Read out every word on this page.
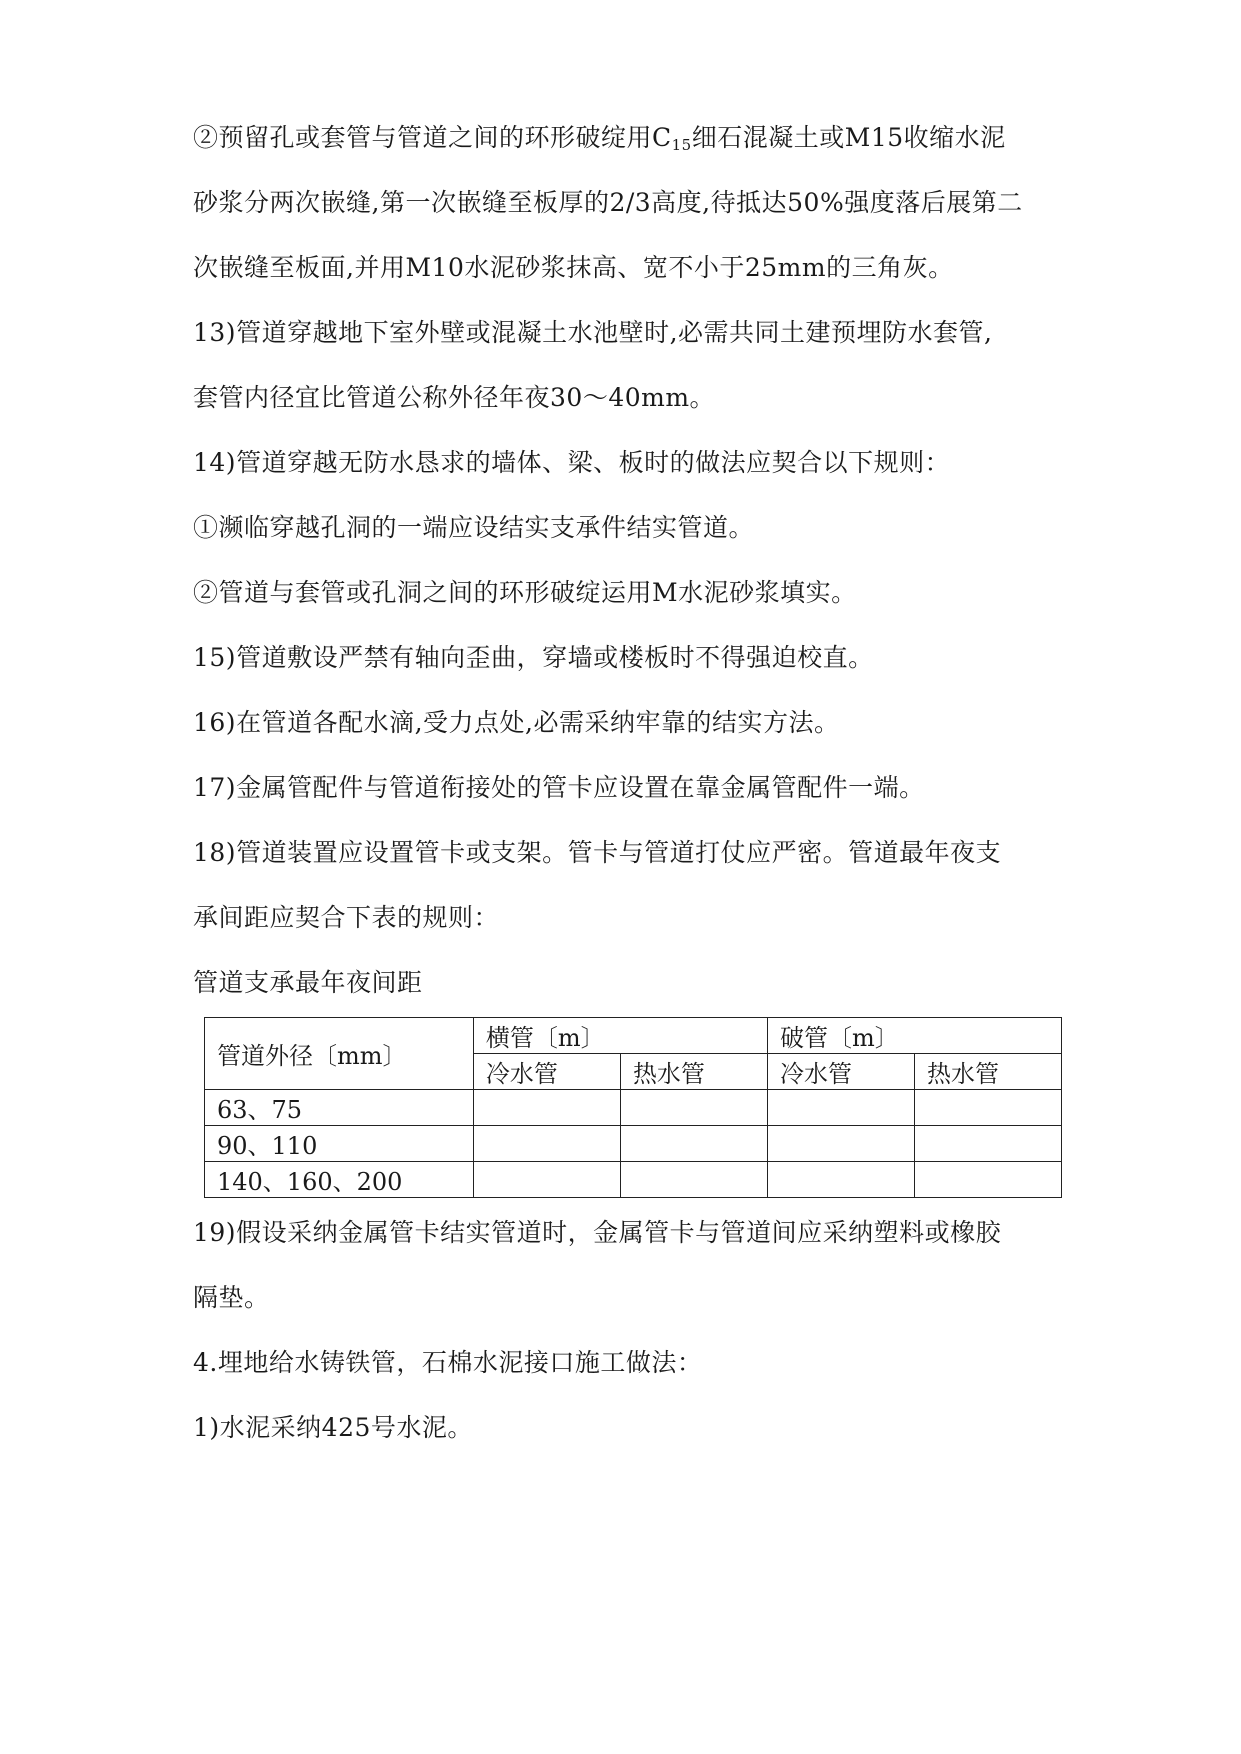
②预留孔或套管与管道之间的环形破绽用$C_{15}$细石混凝土或M15收缩水泥
砂浆分两次嵌缝,第一次嵌缝至板厚的2/3高度,待抵达50%强度落后展第二
次嵌缝至板面,并用M10水泥砂浆抹高、宽不小于25mm的三角灰。
13)管道穿越地下室外壁或混凝土水池壁时,必需共同土建预埋防水套管,
套管内径宜比管道公称外径年夜30～40mm。
14)管道穿越无防水恳求的墙体、梁、板时的做法应契合以下规则：
①濒临穿越孔洞的一端应设结实支承件结实管道。
②管道与套管或孔洞之间的环形破绽运用M水泥砂浆填实。
15)管道敷设严禁有轴向歪曲，穿墙或楼板时不得强迫校直。
16)在管道各配水滴,受力点处,必需采纳牢靠的结实方法。
17)金属管配件与管道衔接处的管卡应设置在靠金属管配件一端。
18)管道装置应设置管卡或支架。管卡与管道打仗应严密。管道最年夜支
承间距应契合下表的规则：
管道支承最年夜间距
管道外径〔mm〕	横管〔m〕		破管〔m〕	
	冷水管	热水管	冷水管	热水管
63、75				
90、110				
140、160、200				
19)假设采纳金属管卡结实管道时，金属管卡与管道间应采纳塑料或橡胶
隔垫。
4.埋地给水铸铁管，石棉水泥接口施工做法：
1)水泥采纳425号水泥。
